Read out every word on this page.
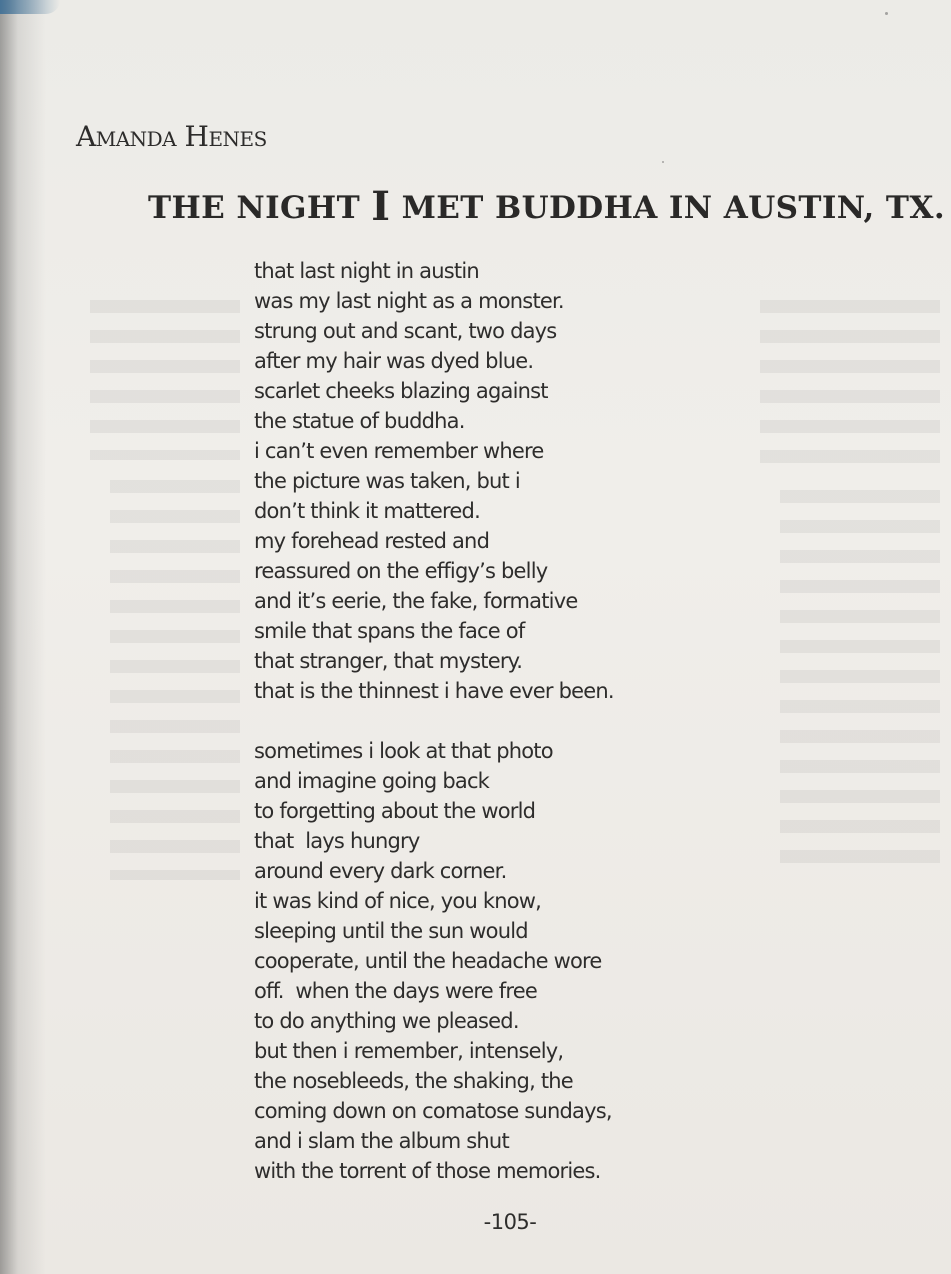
Amanda Henes
THE NIGHT I MET BUDDHA IN AUSTIN, TX.
that last night in austin
was my last night as a monster.
strung out and scant, two days
after my hair was dyed blue.
scarlet cheeks blazing against
the statue of buddha.
i can’t even remember where
the picture was taken, but i
don’t think it mattered.
my forehead rested and
reassured on the effigy’s belly
and it’s eerie, the fake, formative
smile that spans the face of
that stranger, that mystery.
that is the thinnest i have ever been.
sometimes i look at that photo
and imagine going back
to forgetting about the world
that  lays hungry
around every dark corner.
it was kind of nice, you know,
sleeping until the sun would
cooperate, until the headache wore
off.  when the days were free
to do anything we pleased.
but then i remember, intensely,
the nosebleeds, the shaking, the
coming down on comatose sundays,
and i slam the album shut
with the torrent of those memories.
-105-
